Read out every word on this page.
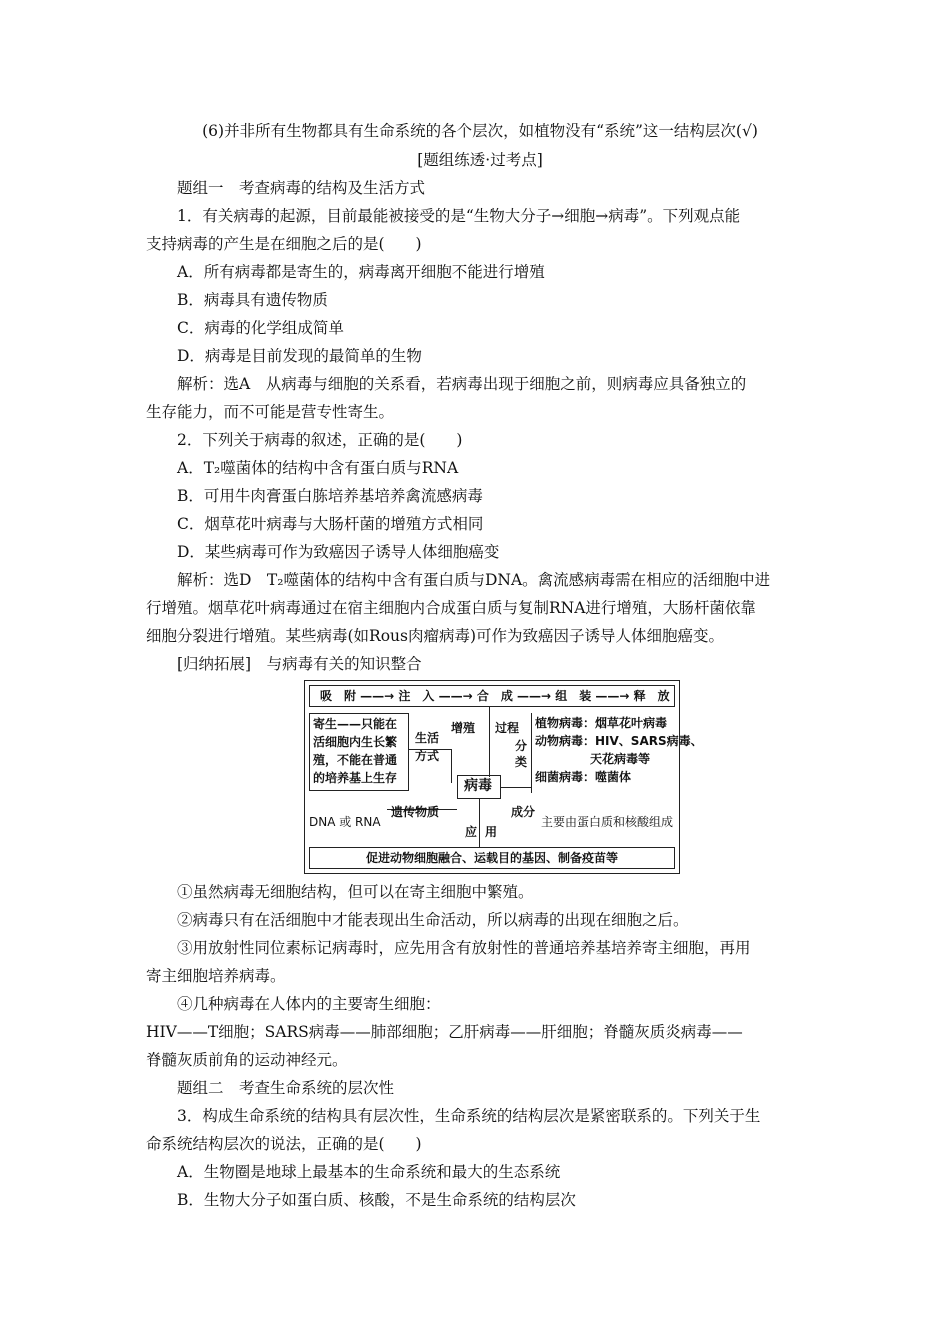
(6)并非所有生物都具有生命系统的各个层次，如植物没有“系统”这一结构层次(√)
[题组练透·过考点]
题组一　考查病毒的结构及生活方式
1．有关病毒的起源，目前最能被接受的是“生物大分子→细胞→病毒”。下列观点能
支持病毒的产生是在细胞之后的是(　　)
A．所有病毒都是寄生的，病毒离开细胞不能进行增殖
B．病毒具有遗传物质
C．病毒的化学组成简单
D．病毒是目前发现的最简单的生物
解析：选A　从病毒与细胞的关系看，若病毒出现于细胞之前，则病毒应具备独立的
生存能力，而不可能是营专性寄生。
2．下列关于病毒的叙述，正确的是(　　)
A．T₂噬菌体的结构中含有蛋白质与RNA
B．可用牛肉膏蛋白胨培养基培养禽流感病毒
C．烟草花叶病毒与大肠杆菌的增殖方式相同
D．某些病毒可作为致癌因子诱导人体细胞癌变
解析：选D　T₂噬菌体的结构中含有蛋白质与DNA。禽流感病毒需在相应的活细胞中进
行增殖。烟草花叶病毒通过在宿主细胞内合成蛋白质与复制RNA进行增殖，大肠杆菌依靠
细胞分裂进行增殖。某些病毒(如Rous肉瘤病毒)可作为致癌因子诱导人体细胞癌变。
[归纳拓展]　与病毒有关的知识整合
吸　附 ——→ 注　入 ——→ 合　成 ——→ 组　装 ——→ 释　放
寄生——只能在
活细胞内生长繁
殖，不能在普通
的培养基上生存
生活
方式
增殖 过程
分
类
植物病毒：烟草花叶病毒
动物病毒：HIV、SARS病毒、
天花病毒等
细菌病毒：噬菌体
病毒
遗传物质
DNA 或 RNA
应 用
成分
主要由蛋白质和核酸组成
促进动物细胞融合、运载目的基因、制备疫苗等
①虽然病毒无细胞结构，但可以在寄主细胞中繁殖。
②病毒只有在活细胞中才能表现出生命活动，所以病毒的出现在细胞之后。
③用放射性同位素标记病毒时，应先用含有放射性的普通培养基培养寄主细胞，再用
寄主细胞培养病毒。
④几种病毒在人体内的主要寄生细胞：
HIV——T细胞；SARS病毒——肺部细胞；乙肝病毒——肝细胞；脊髓灰质炎病毒——
脊髓灰质前角的运动神经元。
题组二　考查生命系统的层次性
3．构成生命系统的结构具有层次性，生命系统的结构层次是紧密联系的。下列关于生
命系统结构层次的说法，正确的是(　　)
A．生物圈是地球上最基本的生命系统和最大的生态系统
B．生物大分子如蛋白质、核酸，不是生命系统的结构层次
